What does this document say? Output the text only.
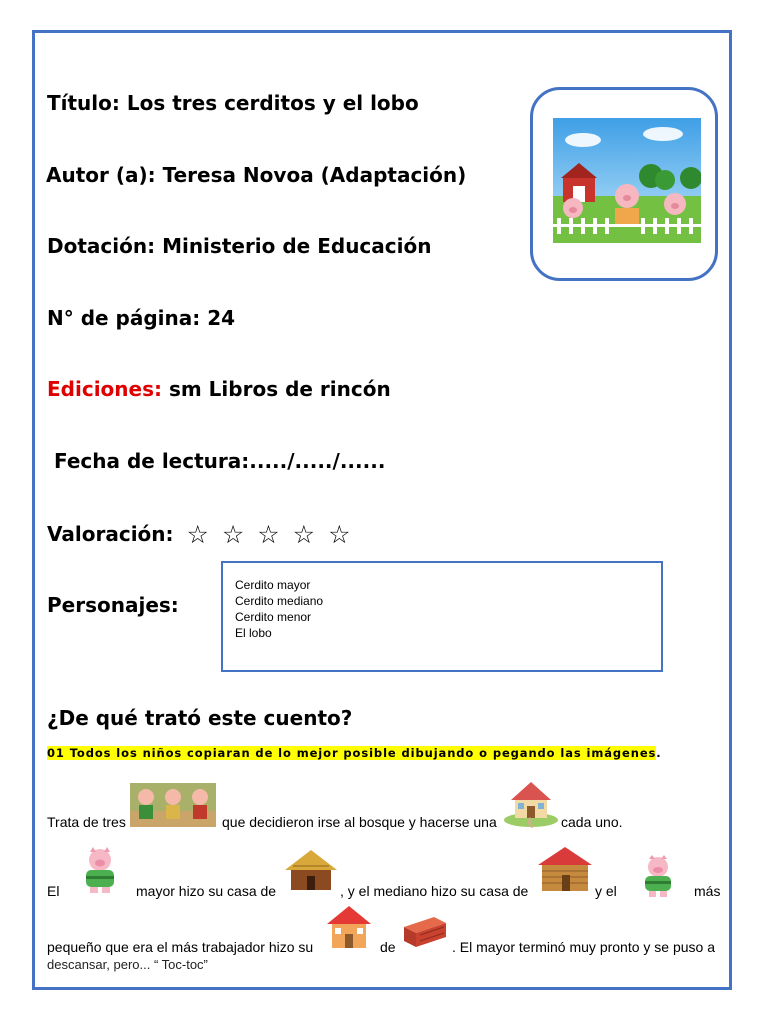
Título: Los tres cerditos y el lobo
Autor (a): Teresa Novoa (Adaptación)
Dotación: Ministerio de Educación
N° de página: 24
Ediciones: sm Libros de rincón
Fecha de lectura:...../...../......
Valoración: ☆ ☆ ☆ ☆ ☆
Personajes:
Cerdito mayor
Cerdito mediano
Cerdito menor
El lobo
¿De qué trató este cuento?
01 Todos los niños copiaran de lo mejor posible dibujando o pegando las imágenes.
Trata de tres	que decidieron irse al bosque y hacerse una	cada uno.
El	mayor hizo su casa de	, y el mediano hizo su casa de	y el	más
pequeño que era el más trabajador hizo su	de	. El mayor terminó muy pronto y se puso a
descansar, pero... “ Toc-toc”
